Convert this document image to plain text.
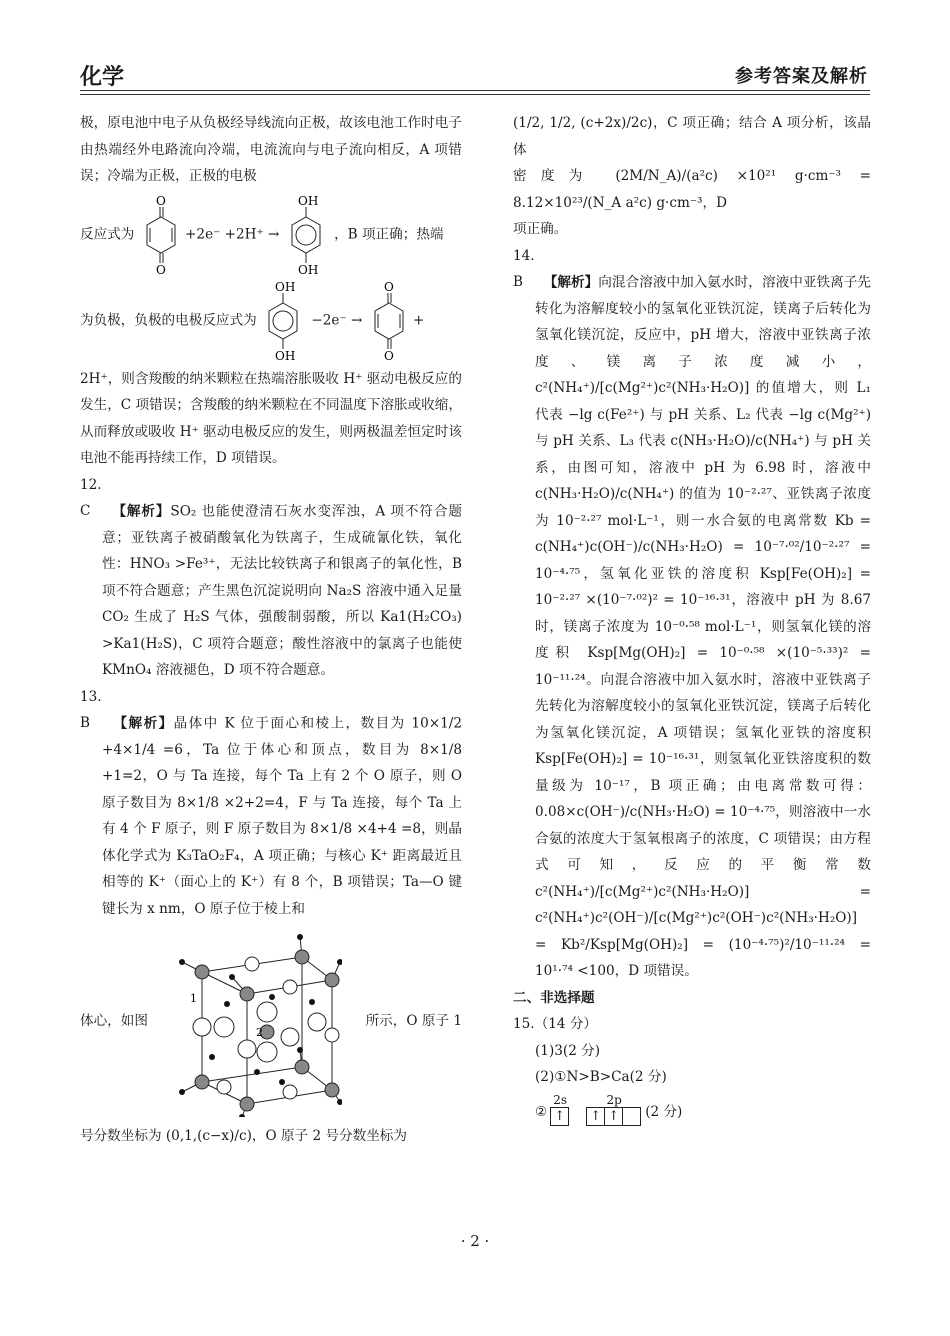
化学	参考答案及解析

极，原电池中电子从负极经导线流向正极，故该电池工作时电子由热端经外电路流向冷端，电流流向与电子流向相反，A 项错误；冷端为正极，正极的电极

反应式为
O
O
+2e⁻ +2H⁺ →
OH
OH
，B 项正确；热端

为负极，负极的电极反应式为
OH
OH
−2e⁻ →
O
O
+

2H⁺，则含羧酸的纳米颗粒在热端溶胀吸收 H⁺ 驱动电极反应的发生，C 项错误；含羧酸的纳米颗粒在不同温度下溶胀或收缩，从而释放或吸收 H⁺ 驱动电极反应的发生，则两极温差恒定时该电池不能再持续工作，D 项错误。

12. C 【解析】SO₂ 也能使澄清石灰水变浑浊，A 项不符合题意；亚铁离子被硝酸氧化为铁离子，生成硫氰化铁，氧化性：HNO₃ >Fe³⁺，无法比较铁离子和银离子的氧化性，B 项不符合题意；产生黑色沉淀说明向 Na₂S 溶液中通入足量 CO₂ 生成了 H₂S 气体，强酸制弱酸，所以 Ka1(H₂CO₃) >Ka1(H₂S)，C 项符合题意；酸性溶液中的氯离子也能使 KMnO₄ 溶液褪色，D 项不符合题意。

13. B 【解析】晶体中 K 位于面心和棱上，数目为 10×1/2 +4×1/4 =6，Ta 位于体心和顶点，数目为 8×1/8 +1=2，O 与 Ta 连接，每个 Ta 上有 2 个 O 原子，则 O 原子数目为 8×1/8 ×2+2=4，F 与 Ta 连接，每个 Ta 上有 4 个 F 原子，则 F 原子数目为 8×1/8 ×4+4 =8，则晶体化学式为 K₃TaO₂F₄，A 项正确；与核心 K⁺ 距离最近且相等的 K⁺（面心上的 K⁺）有 8 个，B 项错误；Ta—O 键键长为 x nm，O 原子位于棱上和

体心，如图
1
2
所示，O 原子 1

号分数坐标为 (0,1,(c−x)/c)，O 原子 2 号分数坐标为

(1/2, 1/2, (c+2x)/2c)，C 项正确；结合 A 项分析，该晶体

密度为 (2M/N_A)/(a²c) ×10²¹ g·cm⁻³ = 8.12×10²³/(N_A a²c) g·cm⁻³，D

项正确。

14. B 【解析】向混合溶液中加入氨水时，溶液中亚铁离子先转化为溶解度较小的氢氧化亚铁沉淀，镁离子后转化为氢氧化镁沉淀，反应中，pH 增大，溶液中亚铁离子浓度、镁离子浓度减小，c²(NH₄⁺)/[c(Mg²⁺)c²(NH₃·H₂O)] 的值增大，则 L₁ 代表 −lg c(Fe²⁺) 与 pH 关系、L₂ 代表 −lg c(Mg²⁺) 与 pH 关系、L₃ 代表 c(NH₃·H₂O)/c(NH₄⁺) 与 pH 关系，由图可知，溶液中 pH 为 6.98 时，溶液中 c(NH₃·H₂O)/c(NH₄⁺) 的值为 10⁻²·²⁷、亚铁离子浓度为 10⁻²·²⁷ mol·L⁻¹，则一水合氨的电离常数 Kb = c(NH₄⁺)c(OH⁻)/c(NH₃·H₂O) = 10⁻⁷·⁰²/10⁻²·²⁷ = 10⁻⁴·⁷⁵，氢氧化亚铁的溶度积 Ksp[Fe(OH)₂] = 10⁻²·²⁷ ×(10⁻⁷·⁰²)² = 10⁻¹⁶·³¹，溶液中 pH 为 8.67 时，镁离子浓度为 10⁻⁰·⁵⁸ mol·L⁻¹，则氢氧化镁的溶度积 Ksp[Mg(OH)₂] = 10⁻⁰·⁵⁸ ×(10⁻⁵·³³)² = 10⁻¹¹·²⁴。向混合溶液中加入氨水时，溶液中亚铁离子先转化为溶解度较小的氢氧化亚铁沉淀，镁离子后转化为氢氧化镁沉淀，A 项错误；氢氧化亚铁的溶度积 Ksp[Fe(OH)₂] = 10⁻¹⁶·³¹，则氢氧化亚铁溶度积的数量级为 10⁻¹⁷，B 项正确；由电离常数可得：0.08×c(OH⁻)/c(NH₃·H₂O) = 10⁻⁴·⁷⁵，则溶液中一水合氨的浓度大于氢氧根离子的浓度，C 项错误；由方程式可知，反应的平衡常数 c²(NH₄⁺)/[c(Mg²⁺)c²(NH₃·H₂O)] = c²(NH₄⁺)c²(OH⁻)/[c(Mg²⁺)c²(OH⁻)c²(NH₃·H₂O)] = Kb²/Ksp[Mg(OH)₂] = (10⁻⁴·⁷⁵)²/10⁻¹¹·²⁴ = 10¹·⁷⁴ <100，D 项错误。

二、非选择题

15.（14 分）

(1)3(2 分)

(2)①N>B>Ca(2 分)

②
2s
↑
2p
↑ ↑ (2 分)
· 2 ·
